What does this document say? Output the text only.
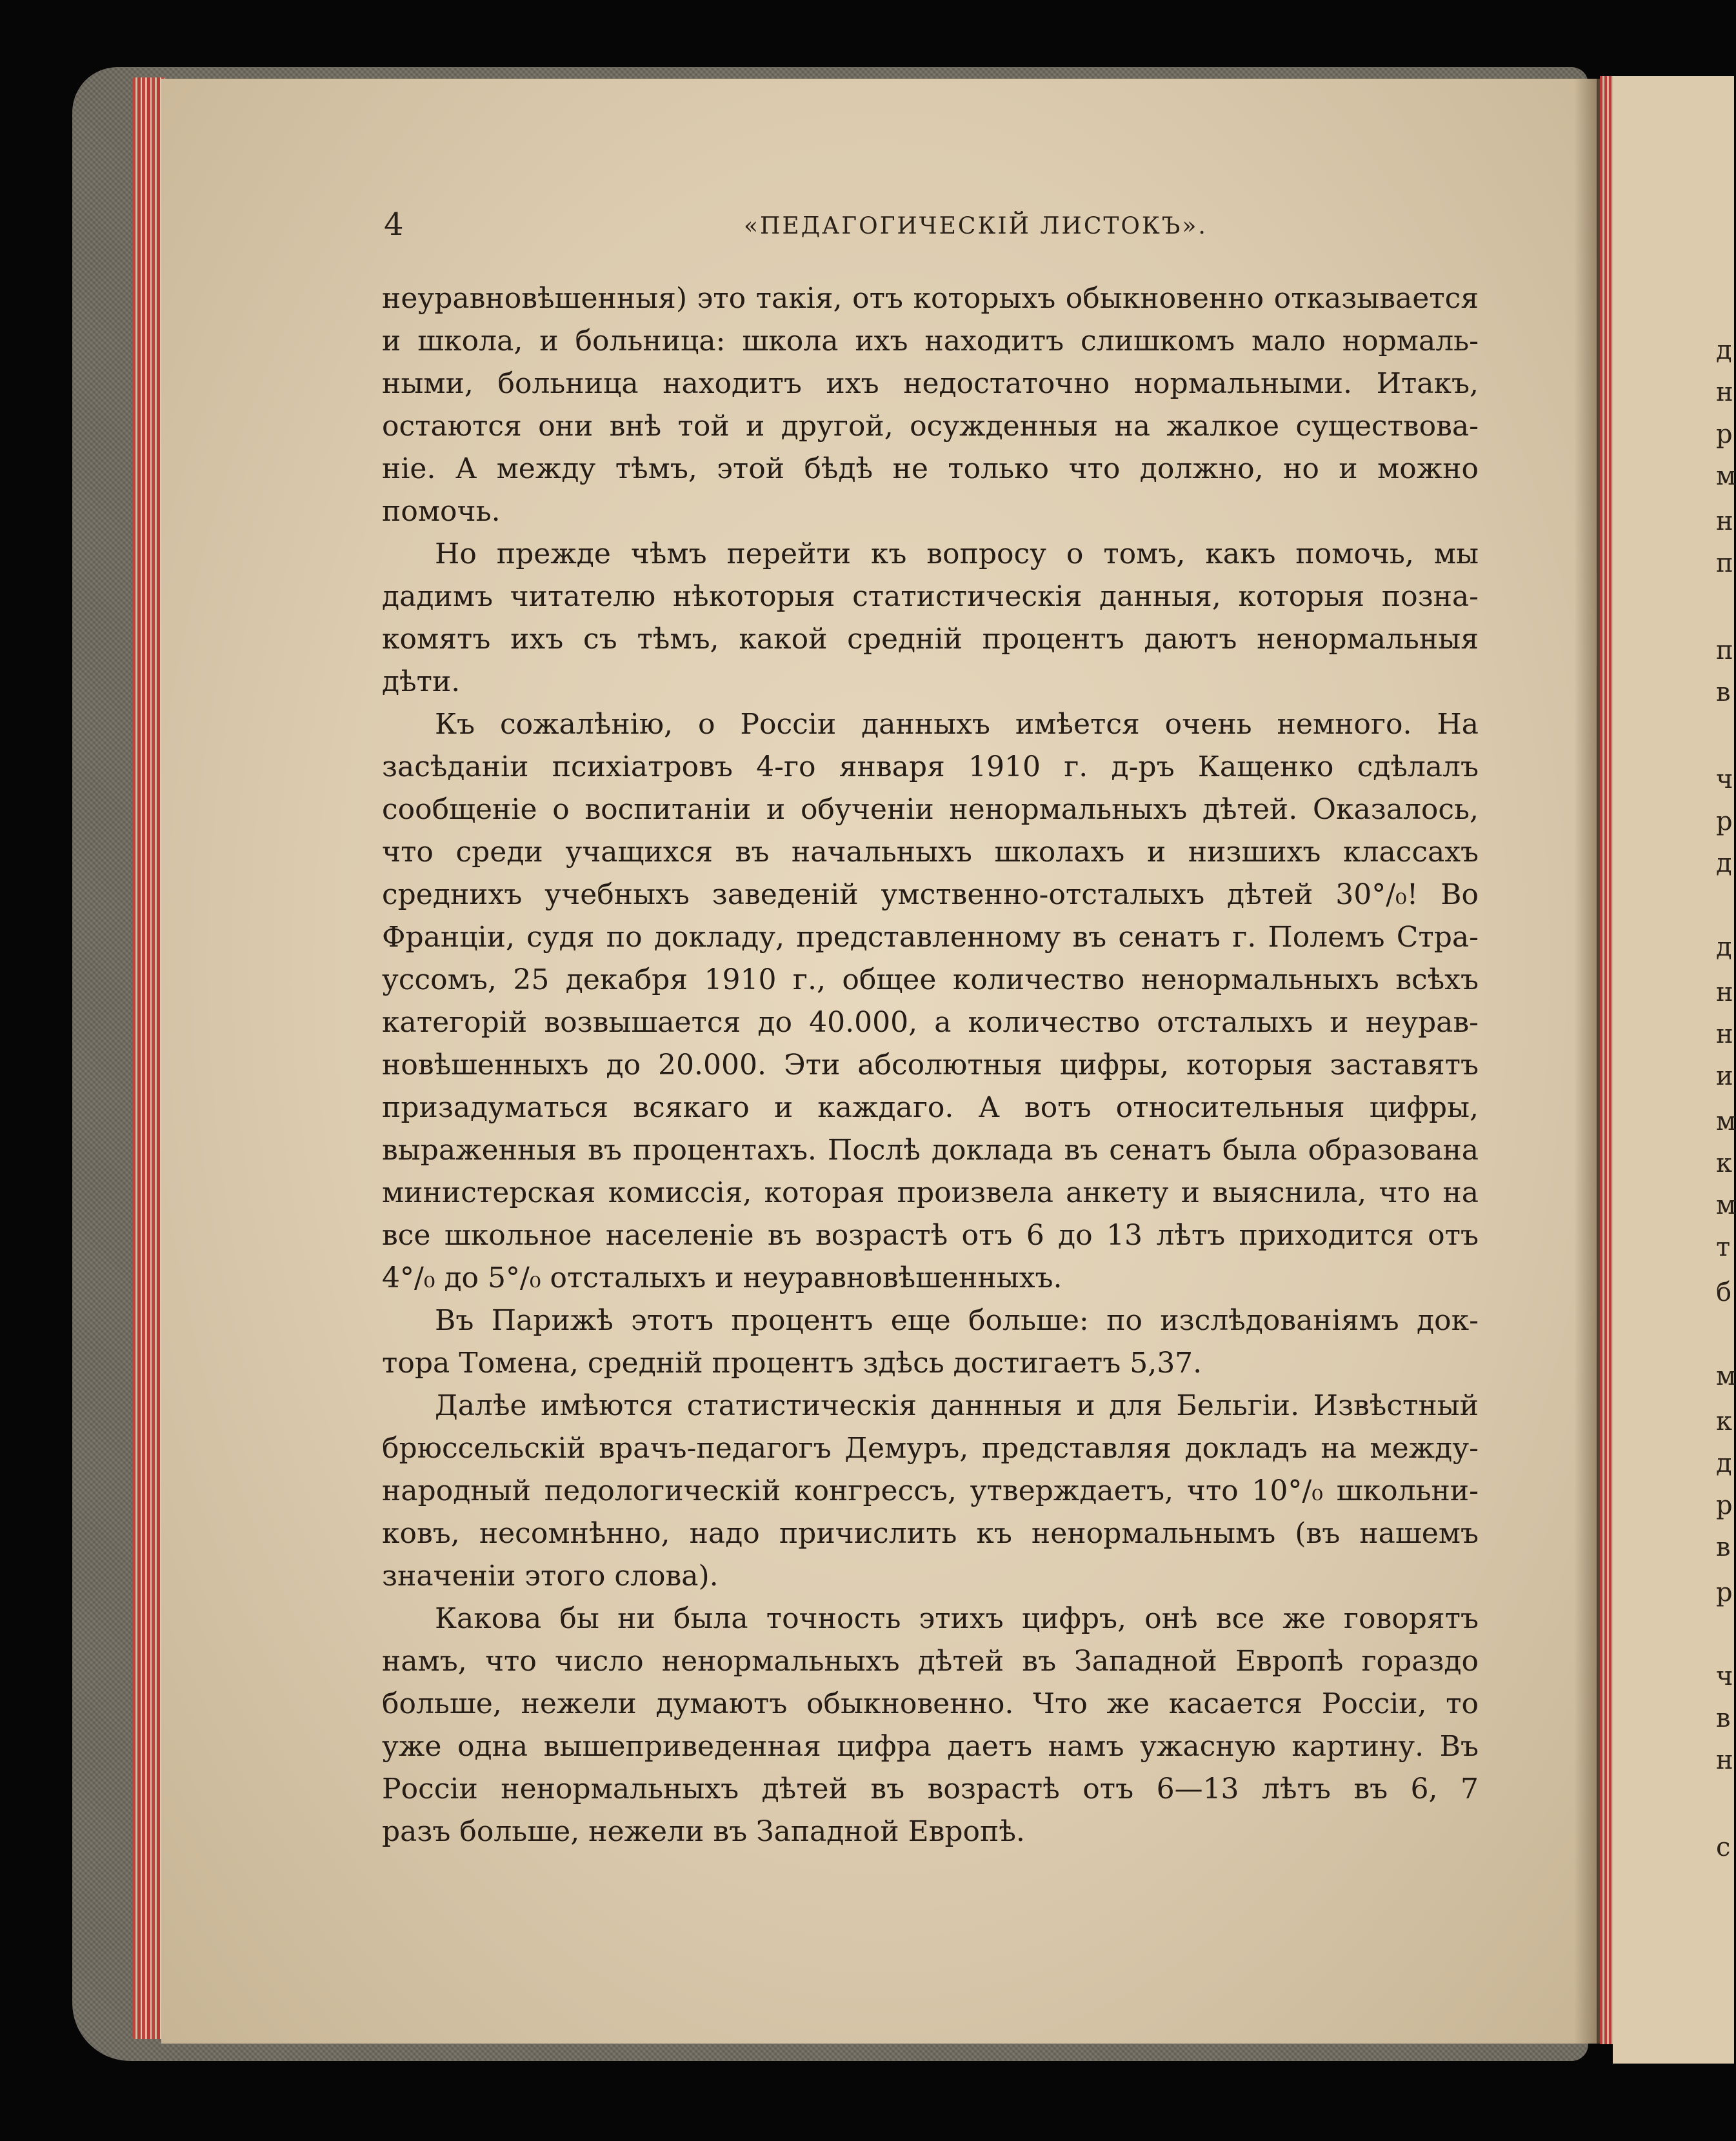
д
н
р
м
н
п
п
в
ч
р
д
д
н
н
и
м
к
м
т
б
м
к
д
р
в
р
ч
в
н
с
4	«ПЕДАГОГИЧЕСКІЙ ЛИСТОКЪ».
неуравновѣшенныя) это такія, отъ которыхъ обыкновенно отказывается
и школа, и больница: школа ихъ находитъ слишкомъ мало нормаль-
ными, больница находитъ ихъ недостаточно нормальными. Итакъ,
остаются они внѣ той и другой, осужденныя на жалкое существова-
ніе. А между тѣмъ, этой бѣдѣ не только что должно, но и можно
помочь.
Но прежде чѣмъ перейти къ вопросу о томъ, какъ помочь, мы
дадимъ читателю нѣкоторыя статистическія данныя, которыя позна-
комятъ ихъ съ тѣмъ, какой средній процентъ даютъ ненормальныя
дѣти.
Къ сожалѣнію, о Россіи данныхъ имѣется очень немного. На
засѣданіи психіатровъ 4-го января 1910 г. д-ръ Кащенко сдѣлалъ
сообщеніе о воспитаніи и обученіи ненормальныхъ дѣтей. Оказалось,
что среди учащихся въ начальныхъ школахъ и низшихъ классахъ
среднихъ учебныхъ заведеній умственно-отсталыхъ дѣтей 30°/₀! Во
Франціи, судя по докладу, представленному въ сенатъ г. Полемъ Стра-
уссомъ, 25 декабря 1910 г., общее количество ненормальныхъ всѣхъ
категорій возвышается до 40.000, а количество отсталыхъ и неурав-
новѣшенныхъ до 20.000. Эти абсолютныя цифры, которыя заставятъ
призадуматься всякаго и каждаго. А вотъ относительныя цифры,
выраженныя въ процентахъ. Послѣ доклада въ сенатъ была образована
министерская комиссія, которая произвела анкету и выяснила, что на
все школьное населеніе въ возрастѣ отъ 6 до 13 лѣтъ приходится отъ
4°/₀ до 5°/₀ отсталыхъ и неуравновѣшенныхъ.
Въ Парижѣ этотъ процентъ еще больше: по изслѣдованіямъ док-
тора Томена, средній процентъ здѣсь достигаетъ 5,37.
Далѣе имѣются статистическія даннныя и для Бельгіи. Извѣстный
брюссельскій врачъ-педагогъ Демуръ, представляя докладъ на между-
народный педологическій конгрессъ, утверждаетъ, что 10°/₀ школьни-
ковъ, несомнѣнно, надо причислить къ ненормальнымъ (въ нашемъ
значеніи этого слова).
Какова бы ни была точность этихъ цифръ, онѣ все же говорятъ
намъ, что число ненормальныхъ дѣтей въ Западной Европѣ гораздо
больше, нежели думаютъ обыкновенно. Что же касается Россіи, то
уже одна вышеприведенная цифра даетъ намъ ужасную картину. Въ
Россіи ненормальныхъ дѣтей въ возрастѣ отъ 6—13 лѣтъ въ 6, 7
разъ больше, нежели въ Западной Европѣ.
